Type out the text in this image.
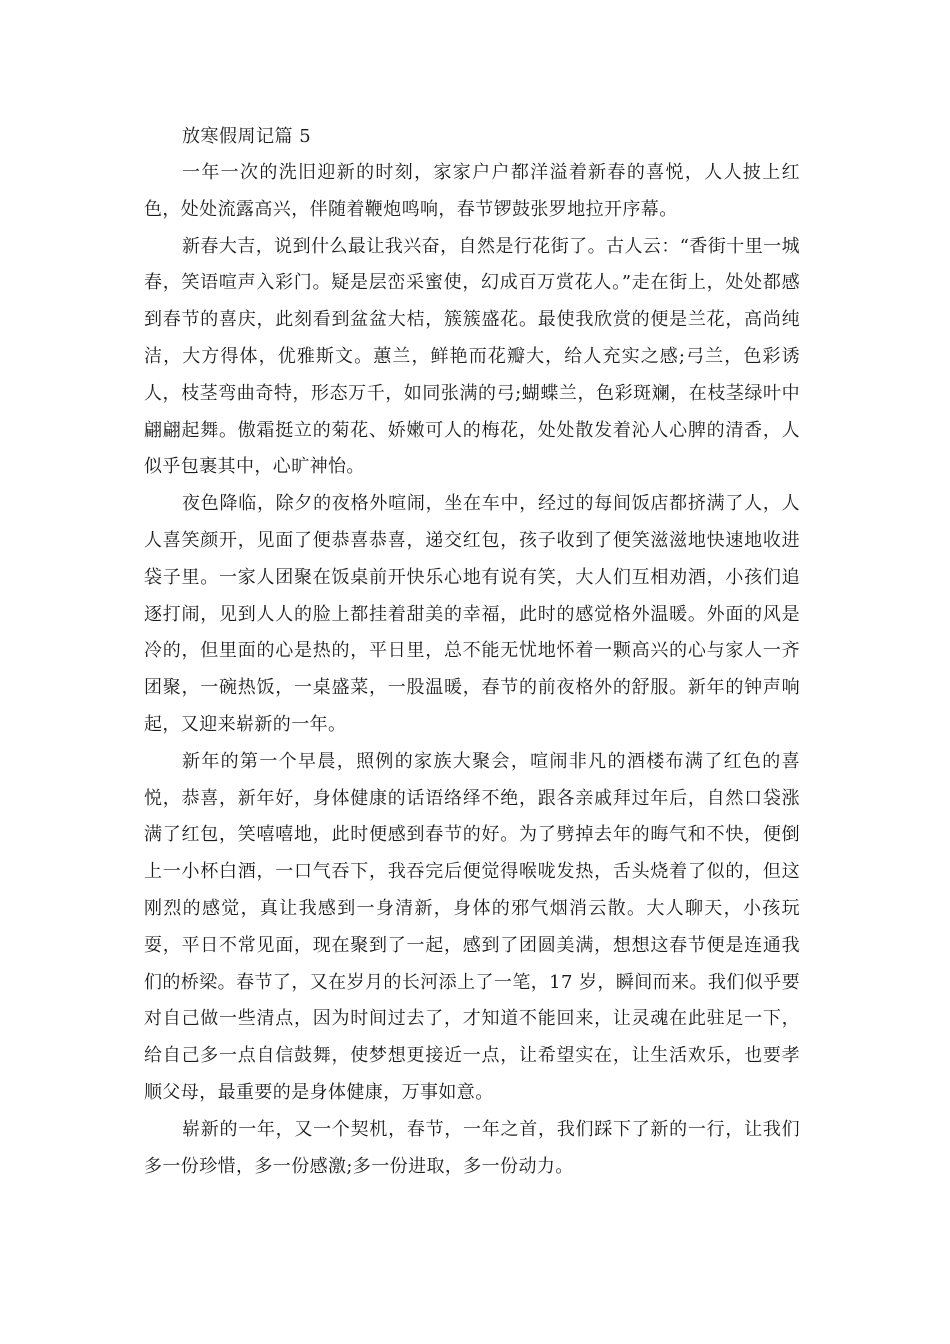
放寒假周记篇 5

一年一次的洗旧迎新的时刻，家家户户都洋溢着新春的喜悦，人人披上红色，处处流露高兴，伴随着鞭炮鸣响，春节锣鼓张罗地拉开序幕。

新春大吉，说到什么最让我兴奋，自然是行花街了。古人云：“香街十里一城春，笑语喧声入彩门。疑是层峦采蜜使，幻成百万赏花人。”走在街上，处处都感到春节的喜庆，此刻看到盆盆大桔，簇簇盛花。最使我欣赏的便是兰花，高尚纯洁，大方得体，优雅斯文。蕙兰，鲜艳而花瓣大，给人充实之感;弓兰，色彩诱人，枝茎弯曲奇特，形态万千，如同张满的弓;蝴蝶兰，色彩斑斓，在枝茎绿叶中翩翩起舞。傲霜挺立的菊花、娇嫩可人的梅花，处处散发着沁人心脾的清香，人似乎包裹其中，心旷神怡。

夜色降临，除夕的夜格外喧闹，坐在车中，经过的每间饭店都挤满了人，人人喜笑颜开，见面了便恭喜恭喜，递交红包，孩子收到了便笑滋滋地快速地收进袋子里。一家人团聚在饭桌前开快乐心地有说有笑，大人们互相劝酒，小孩们追逐打闹，见到人人的脸上都挂着甜美的幸福，此时的感觉格外温暖。外面的风是冷的，但里面的心是热的，平日里，总不能无忧地怀着一颗高兴的心与家人一齐团聚，一碗热饭，一桌盛菜，一股温暖，春节的前夜格外的舒服。新年的钟声响起，又迎来崭新的一年。

新年的第一个早晨，照例的家族大聚会，喧闹非凡的酒楼布满了红色的喜悦，恭喜，新年好，身体健康的话语络绎不绝，跟各亲戚拜过年后，自然口袋涨满了红包，笑嘻嘻地，此时便感到春节的好。为了劈掉去年的晦气和不快，便倒上一小杯白酒，一口气吞下，我吞完后便觉得喉咙发热，舌头烧着了似的，但这刚烈的感觉，真让我感到一身清新，身体的邪气烟消云散。大人聊天，小孩玩耍，平日不常见面，现在聚到了一起，感到了团圆美满，想想这春节便是连通我们的桥梁。春节了，又在岁月的长河添上了一笔，17 岁，瞬间而来。我们似乎要对自己做一些清点，因为时间过去了，才知道不能回来，让灵魂在此驻足一下，给自己多一点自信鼓舞，使梦想更接近一点，让希望实在，让生活欢乐，也要孝顺父母，最重要的是身体健康，万事如意。

崭新的一年，又一个契机，春节，一年之首，我们踩下了新的一行，让我们多一份珍惜，多一份感激;多一份进取，多一份动力。
